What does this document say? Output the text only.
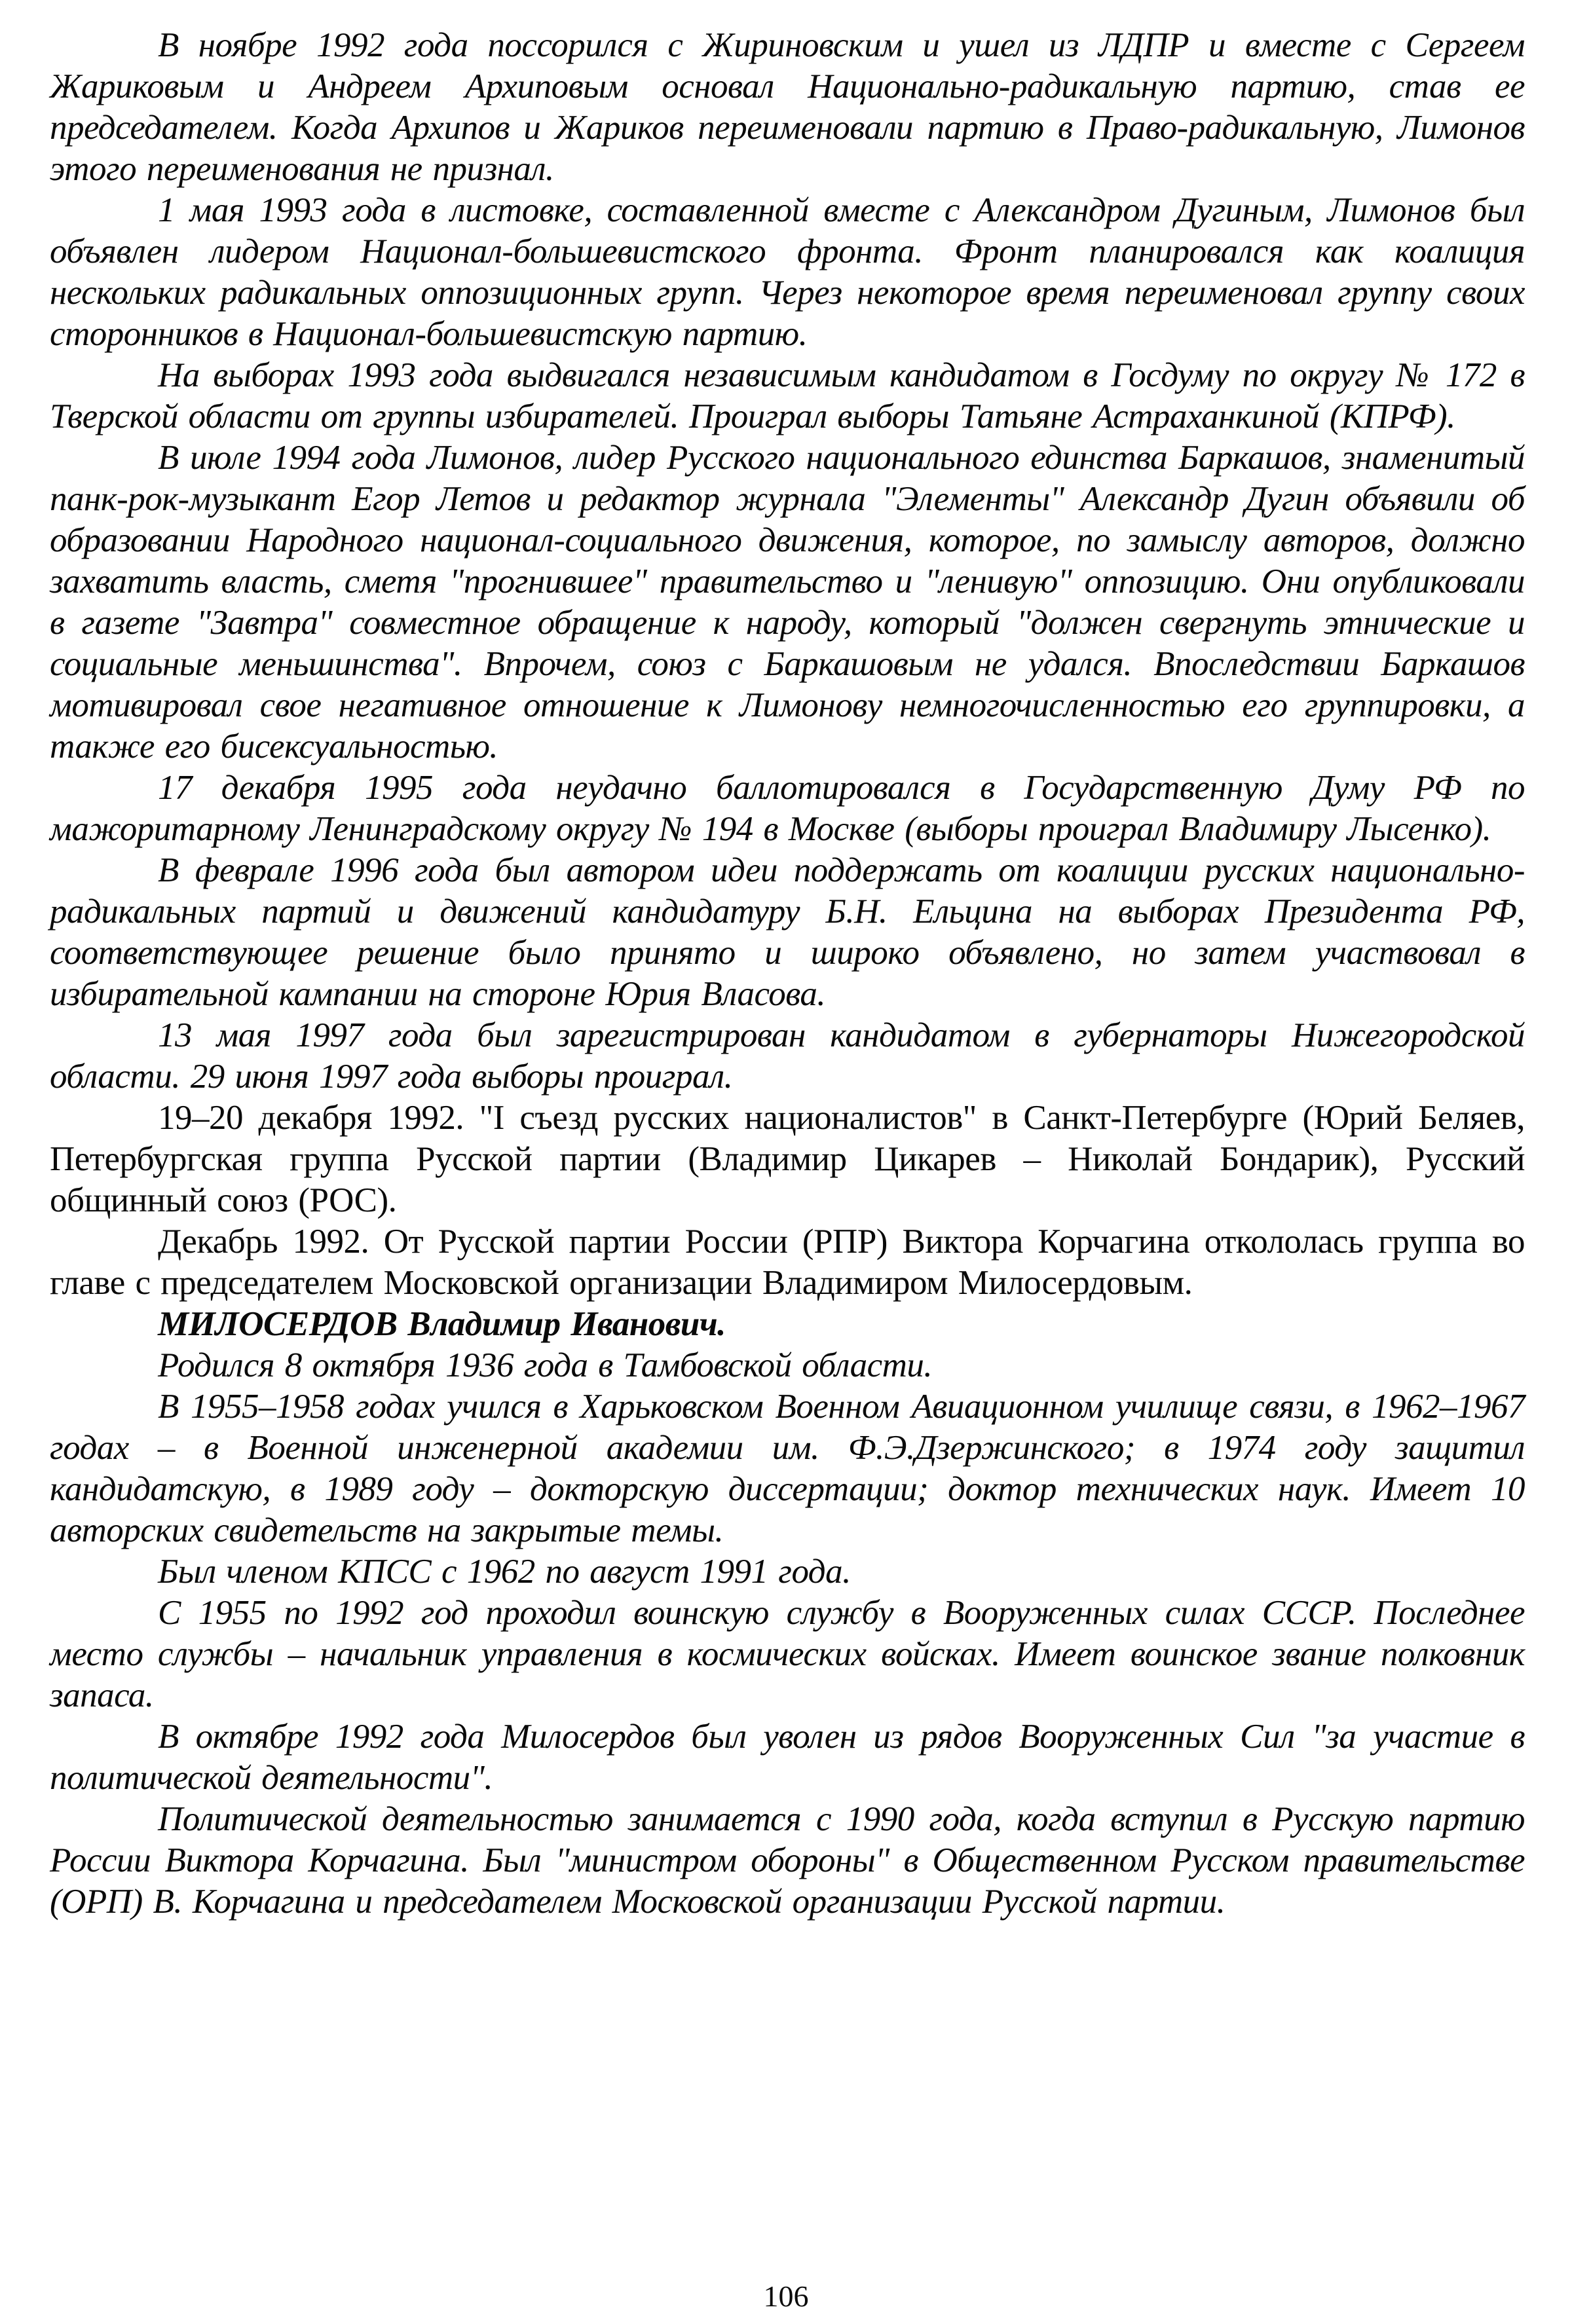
В ноябре 1992 года поссорился с Жириновским и ушел из ЛДПР и вместе с Сергеем Жариковым и Андреем Архиповым основал Национально-радикальную партию, став ее председателем. Когда Архипов и Жариков переименовали партию в Право-радикальную, Лимонов этого переименования не признал.

1 мая 1993 года в листовке, составленной вместе с Александром Дугиным, Лимонов был объявлен лидером Национал-большевистского фронта. Фронт планировался как коалиция нескольких радикальных оппозиционных групп. Через некоторое время переименовал группу своих сторонников в Национал-большевистскую партию.

На выборах 1993 года выдвигался независимым кандидатом в Госдуму по округу № 172 в Тверской области от группы избирателей. Проиграл выборы Татьяне Астраханкиной (КПРФ).

В июле 1994 года Лимонов, лидер Русского национального единства Баркашов, знаменитый панк-рок-музыкант Егор Летов и редактор журнала "Элементы" Александр Дугин объявили об образовании Народного национал-социального движения, которое, по замыслу авторов, должно захватить власть, сметя "прогнившее" правительство и "ленивую" оппозицию. Они опубликовали в газете "Завтра" совместное обращение к народу, который "должен свергнуть этнические и социальные меньшинства". Впрочем, союз с Баркашовым не удался. Впоследствии Баркашов мотивировал свое негативное отношение к Лимонову немногочисленностью его группировки, а также его бисексуальностью.

17 декабря 1995 года неудачно баллотировался в Государственную Думу РФ по мажоритарному Ленинградскому округу № 194 в Москве (выборы проиграл Владимиру Лысенко).

В феврале 1996 года был автором идеи поддержать от коалиции русских национально-радикальных партий и движений кандидатуру Б.Н. Ельцина на выборах Президента РФ, соответствующее решение было принято и широко объявлено, но затем участвовал в избирательной кампании на стороне Юрия Власова.

13 мая 1997 года был зарегистрирован кандидатом в губернаторы Нижегородской области. 29 июня 1997 года выборы проиграл.

19–20 декабря 1992. "I съезд русских националистов" в Санкт-Петербурге (Юрий Беляев, Петербургская группа Русской партии (Владимир Цикарев – Николай Бондарик), Русский общинный союз (РОС).

Декабрь 1992. От Русской партии России (РПР) Виктора Корчагина откололась группа во главе с председателем Московской организации Владимиром Милосердовым.

МИЛОСЕРДОВ Владимир Иванович.

Родился 8 октября 1936 года в Тамбовской области.

В 1955–1958 годах учился в Харьковском Военном Авиационном училище связи, в 1962–1967 годах – в Военной инженерной академии им. Ф.Э.Дзержинского; в 1974 году защитил кандидатскую, в 1989 году – докторскую диссертации; доктор технических наук. Имеет 10 авторских свидетельств на закрытые темы.

Был членом КПСС с 1962 по август 1991 года.

С 1955 по 1992 год проходил воинскую службу в Вооруженных силах СССР. Последнее место службы – начальник управления в космических войсках. Имеет воинское звание полковник запаса.

В октябре 1992 года Милосердов был уволен из рядов Вооруженных Сил "за участие в политической деятельности".

Политической деятельностью занимается с 1990 года, когда вступил в Русскую партию России Виктора Корчагина. Был "министром обороны" в Общественном Русском правительстве (ОРП) В. Корчагина и председателем Московской организации Русской партии.

106
